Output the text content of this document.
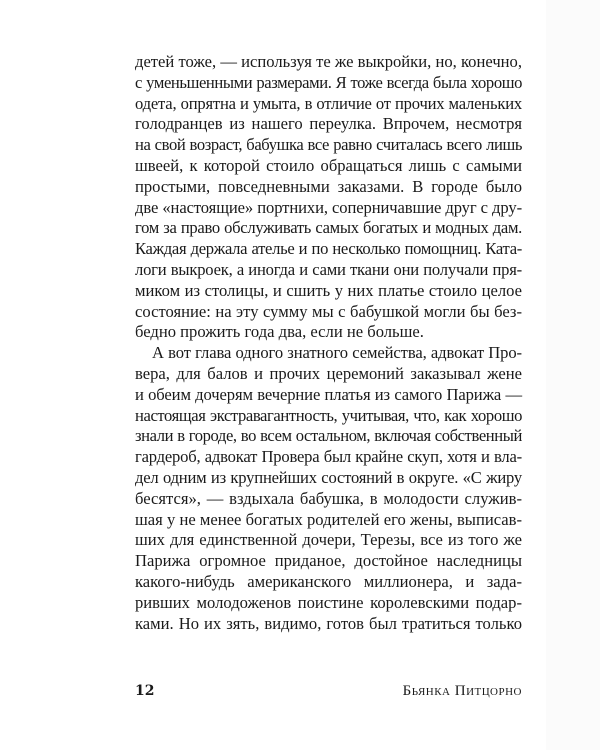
детей тоже, — используя те же выкройки, но, конечно,
с уменьшенными размерами. Я тоже всегда была хорошо
одета, опрятна и умыта, в отличие от прочих маленьких
голодранцев из нашего переулка. Впрочем, несмотря
на свой возраст, бабушка все равно считалась всего лишь
швеей, к которой стоило обращаться лишь с самыми
простыми, повседневными заказами. В городе было
две «настоящие» портнихи, соперничавшие друг с дру-
гом за право обслуживать самых богатых и модных дам.
Каждая держала ателье и по несколько помощниц. Ката-
логи выкроек, а иногда и сами ткани они получали пря-
миком из столицы, и сшить у них платье стоило целое
состояние: на эту сумму мы с бабушкой могли бы без-
бедно прожить года два, если не больше.
А вот глава одного знатного семейства, адвокат Про-
вера, для балов и прочих церемоний заказывал жене
и обеим дочерям вечерние платья из самого Парижа —
настоящая экстравагантность, учитывая, что, как хорошо
знали в городе, во всем остальном, включая собственный
гардероб, адвокат Провера был крайне скуп, хотя и вла-
дел одним из крупнейших состояний в округе. «С жиру
бесятся», — вздыхала бабушка, в молодости служив-
шая у не менее богатых родителей его жены, выписав-
ших для единственной дочери, Терезы, все из того же
Парижа огромное приданое, достойное наследницы
какого-нибудь американского миллионера, и зада-
ривших молодоженов поистине королевскими подар-
ками. Но их зять, видимо, готов был тратиться только
12	Бьянка Питцорно
